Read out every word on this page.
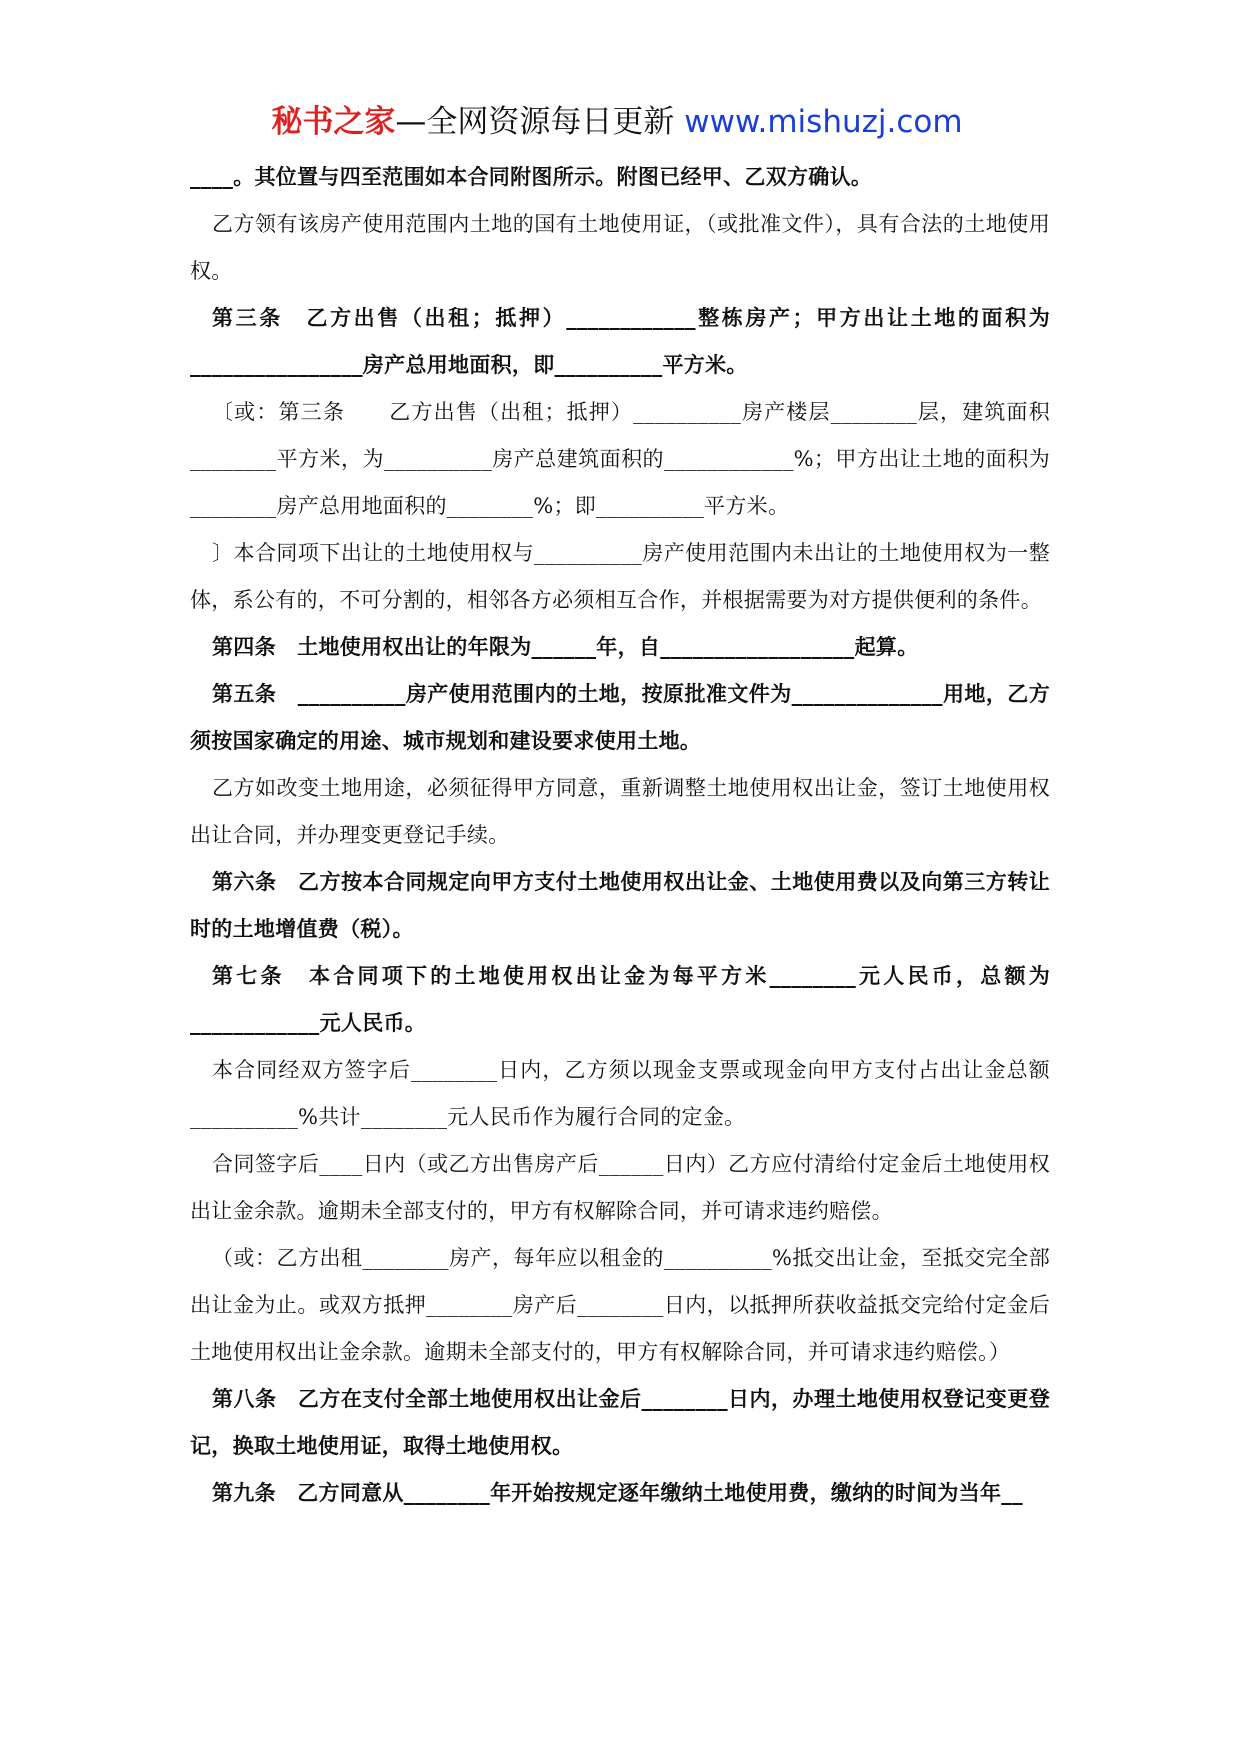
秘书之家—全网资源每日更新 www.mishuzj.com

____。其位置与四至范围如本合同附图所示。附图已经甲、乙双方确认。

乙方领有该房产使用范围内土地的国有土地使用证，（或批准文件），具有合法的土地使用权。

第三条　乙方出售（出租；抵押）____________整栋房产；甲方出让土地的面积为________________房产总用地面积，即__________平方米。

〔或：第三条　　乙方出售（出租；抵押）__________房产楼层________层，建筑面积________平方米，为__________房产总建筑面积的____________%；甲方出让土地的面积为________房产总用地面积的________%；即__________平方米。

〕本合同项下出让的土地使用权与__________房产使用范围内未出让的土地使用权为一整体，系公有的，不可分割的，相邻各方必须相互合作，并根据需要为对方提供便利的条件。

第四条　土地使用权出让的年限为______年，自__________________起算。

第五条　__________房产使用范围内的土地，按原批准文件为______________用地，乙方须按国家确定的用途、城市规划和建设要求使用土地。

乙方如改变土地用途，必须征得甲方同意，重新调整土地使用权出让金，签订土地使用权出让合同，并办理变更登记手续。

第六条　乙方按本合同规定向甲方支付土地使用权出让金、土地使用费以及向第三方转让时的土地增值费（税）。

第七条　本合同项下的土地使用权出让金为每平方米________元人民币，总额为____________元人民币。

本合同经双方签字后________日内，乙方须以现金支票或现金向甲方支付占出让金总额__________%共计________元人民币作为履行合同的定金。

合同签字后____日内（或乙方出售房产后______日内）乙方应付清给付定金后土地使用权出让金余款。逾期未全部支付的，甲方有权解除合同，并可请求违约赔偿。

（或：乙方出租________房产，每年应以租金的__________%抵交出让金，至抵交完全部出让金为止。或双方抵押________房产后________日内，以抵押所获收益抵交完给付定金后土地使用权出让金余款。逾期未全部支付的，甲方有权解除合同，并可请求违约赔偿。）

第八条　乙方在支付全部土地使用权出让金后________日内，办理土地使用权登记变更登记，换取土地使用证，取得土地使用权。

第九条　乙方同意从________年开始按规定逐年缴纳土地使用费，缴纳的时间为当年__
